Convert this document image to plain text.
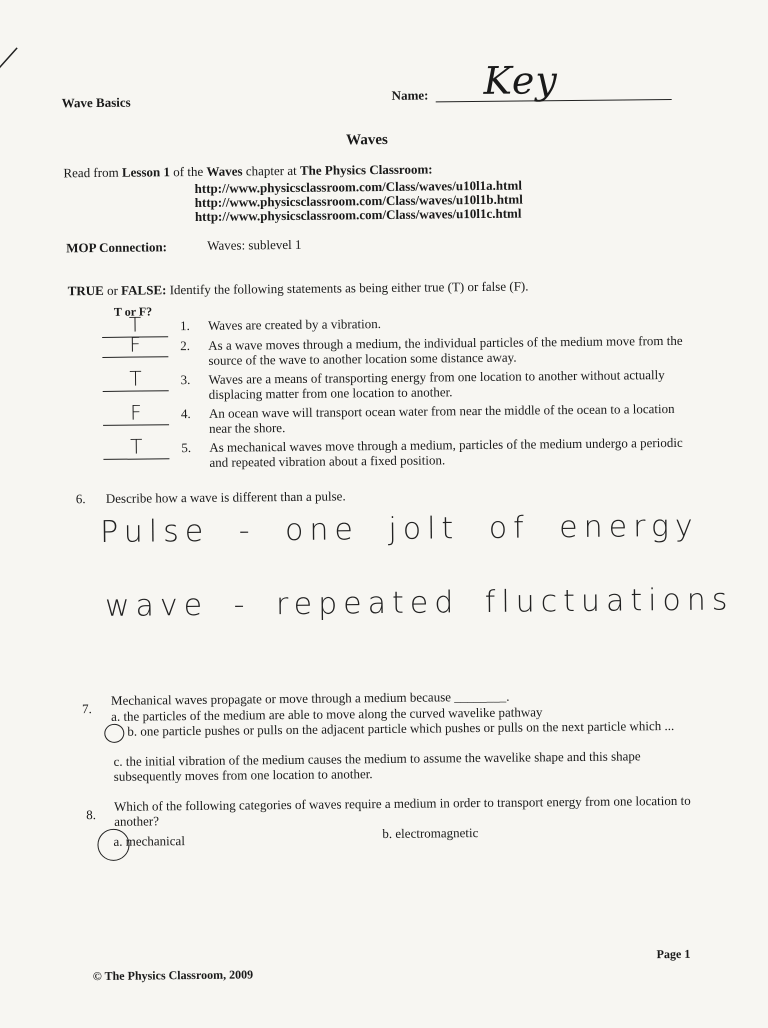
Wave Basics	Name: Key
Waves
Read from Lesson 1 of the Waves chapter at The Physics Classroom:
http://www.physicsclassroom.com/Class/waves/u10l1a.html
http://www.physicsclassroom.com/Class/waves/u10l1b.html
http://www.physicsclassroom.com/Class/waves/u10l1c.html
MOP Connection:	Waves: sublevel 1
TRUE or FALSE: Identify the following statements as being either true (T) or false (F).
T or F?
T	1. Waves are created by a vibration.
F	2. As a wave moves through a medium, the individual particles of the medium move from the source of the wave to another location some distance away.
T	3. Waves are a means of transporting energy from one location to another without actually displacing matter from one location to another.
F	4. An ocean wave will transport ocean water from near the middle of the ocean to a location near the shore.
T	5. As mechanical waves move through a medium, particles of the medium undergo a periodic and repeated vibration about a fixed position.
6. Describe how a wave is different than a pulse.
Pulse - one jolt of energy
wave - repeated fluctuations
7.
Mechanical waves propagate or move through a medium because ________.
a. the particles of the medium are able to move along the curved wavelike pathway
b. one particle pushes or pulls on the adjacent particle which pushes or pulls on the next particle which ...
c. the initial vibration of the medium causes the medium to assume the wavelike shape and this shape subsequently moves from one location to another.
8.
Which of the following categories of waves require a medium in order to transport energy from one location to another?
a. mechanical	b. electromagnetic
© The Physics Classroom, 2009
Page 1
